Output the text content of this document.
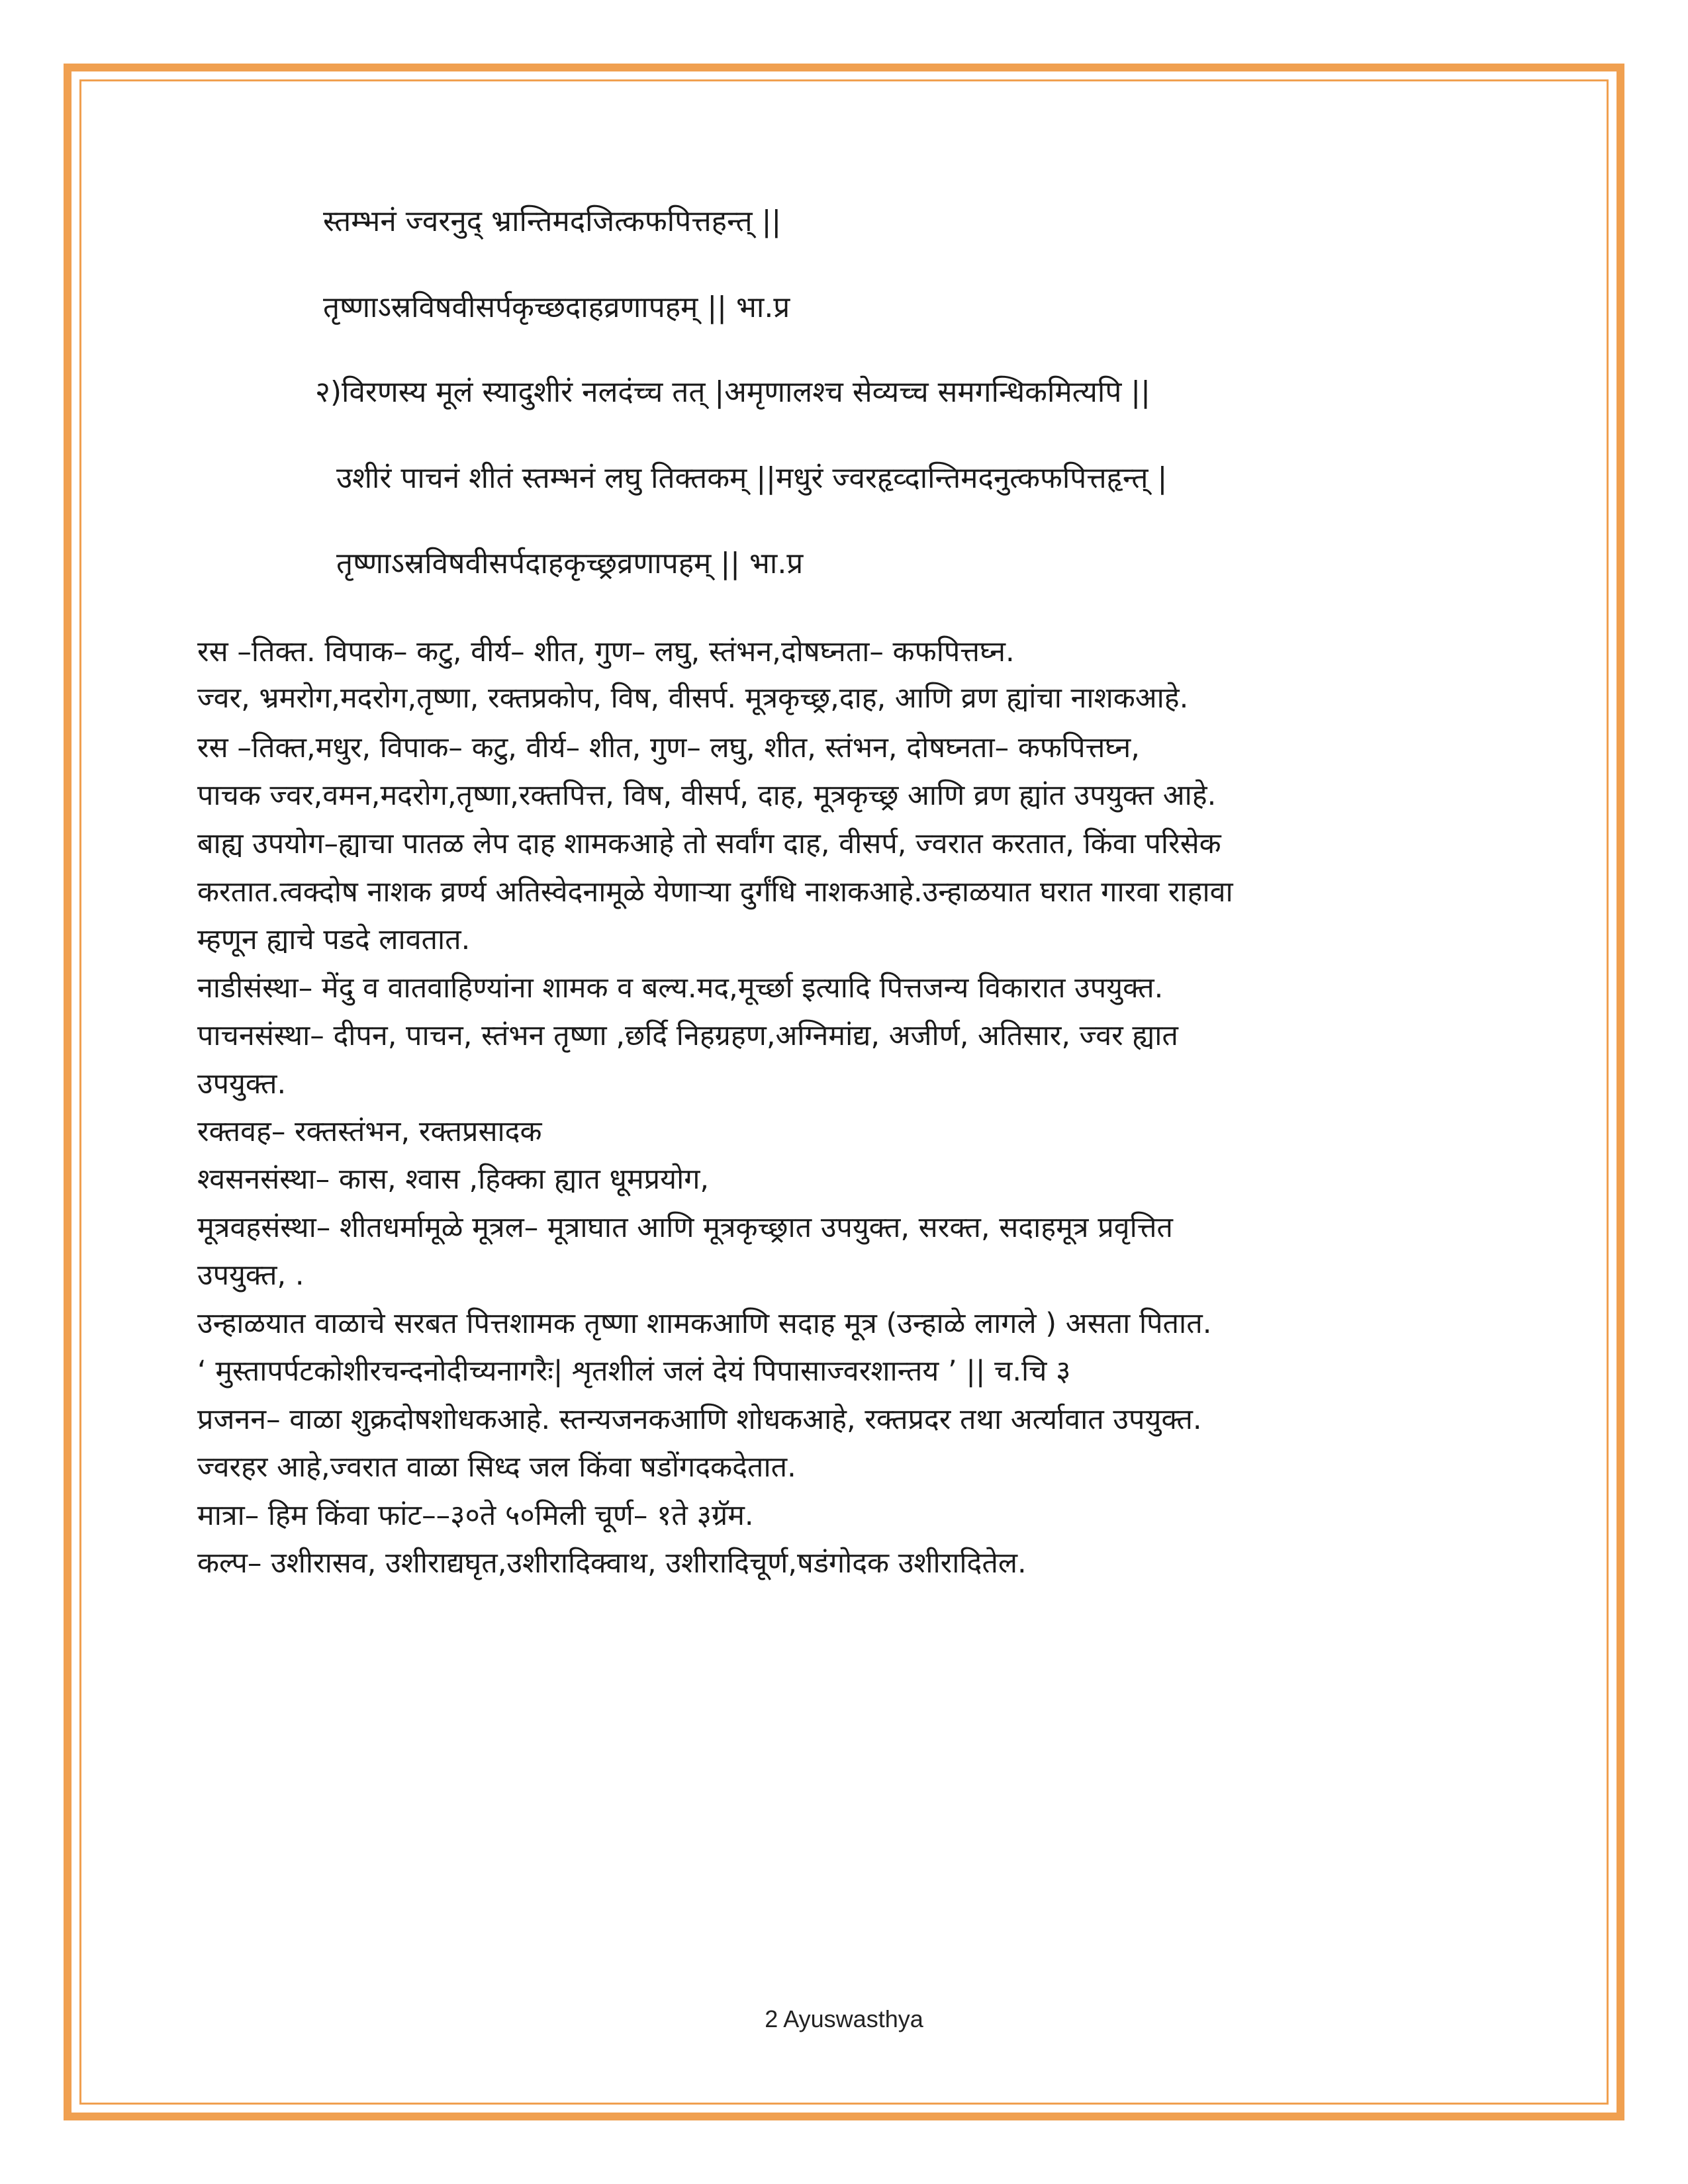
स्तम्भनं ज्वरनुद् भ्रान्तिमदजित्कफपित्तहन्त् ||
तृष्णाऽस्रविषवीसर्पकृच्छदाहव्रणापहम् || भा.प्र
२)विरणस्य मूलं स्यादुशीरं नलदंच्च तत् |अमृणालश्च सेव्यच्च समगन्धिकमित्यपि ||
उशीरं पाचनं शीतं स्तम्भनं लघु तिक्तकम् ||मधुरं ज्वरहृव्दान्तिमदनुत्कफपित्तहृन्त् |
तृष्णाऽस्रविषवीसर्पदाहकृच्छ्रव्रणापहम् || भा.प्र
रस –तिक्त. विपाक– कटु, वीर्य– शीत, गुण– लघु, स्तंभन,दोषघ्नता– कफपित्तघ्न.
ज्वर, भ्रमरोग,मदरोग,तृष्णा, रक्तप्रकोप, विष, वीसर्प. मूत्रकृच्छ्र,दाह, आणि व्रण ह्यांचा नाशकआहे.
रस –तिक्त,मधुर, विपाक– कटु, वीर्य– शीत, गुण– लघु, शीत, स्तंभन, दोषघ्नता– कफपित्तघ्न,
पाचक ज्वर,वमन,मदरोग,तृष्णा,रक्तपित्त, विष, वीसर्प, दाह, मूत्रकृच्छ्र आणि व्रण ह्यांत उपयुक्त आहे.
बाह्य उपयोग–ह्याचा पातळ लेप दाह शामकआहे तो सर्वांग दाह, वीसर्प, ज्वरात करतात, किंवा परिसेक
करतात.त्वक्दोष नाशक व्रर्ण्य अतिस्वेदनामूळे येणाऱ्या दुर्गंधि नाशकआहे.उन्हाळयात घरात गारवा राहावा
म्हणून ह्याचे पडदे लावतात.
नाडीसंस्था– मेंदु व वातवाहिण्यांना शामक व बल्य.मद,मूर्च्छा इत्यादि पित्तजन्य विकारात उपयुक्त.
पाचनसंस्था– दीपन, पाचन, स्तंभन तृष्णा ,छर्दि निहग्रहण,अग्निमांद्य, अजीर्ण, अतिसार, ज्वर ह्यात
उपयुक्त.
रक्तवह– रक्तस्तंभन, रक्तप्रसादक
श्वसनसंस्था– कास, श्वास ,हिक्का ह्यात धूमप्रयोग,
मूत्रवहसंस्था– शीतधर्मामूळे मूत्रल– मूत्राघात आणि मूत्रकृच्छ्रात उपयुक्त, सरक्त, सदाहमूत्र प्रवृत्तित
उपयुक्त, .
उन्हाळयात वाळाचे सरबत पित्तशामक तृष्णा शामकआणि सदाह मूत्र (उन्हाळे लागले ) असता पितात.
‘ मुस्तापर्पटकोशीरचन्दनोदीच्यनागरैः| शृतशीलं जलं देयं पिपासाज्वरशान्तय ’ || च.चि ३
प्रजनन– वाळा शुक्रदोषशोधकआहे. स्तन्यजनकआणि शोधकआहे, रक्तप्रदर तथा अर्त्यावात उपयुक्त.
ज्वरहर आहे,ज्वरात वाळा सिध्द जल किंवा षडोंगदकदेतात.
मात्रा– हिम किंवा फांट––३०ते ५०मिली चूर्ण– १ते ३ग्रॅम.
कल्प– उशीरासव, उशीराद्यघृत,उशीरादिक्वाथ, उशीरादिचूर्ण,षडंगोदक उशीरादितेल.
2 Ayuswasthya
